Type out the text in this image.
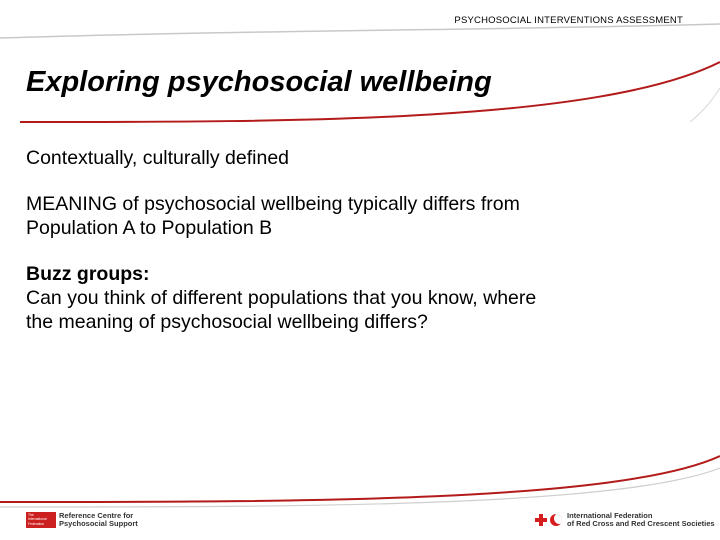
PSYCHOSOCIAL INTERVENTIONS ASSESSMENT
Exploring psychosocial wellbeing

Contextually, culturally defined

MEANING of psychosocial wellbeing typically differs from
Population A to Population B

Buzz groups:
Can you think of different populations that you know, where
the meaning of psychosocial wellbeing differs?

The
International
Federation
Reference Centre for
Psychosocial Support
International Federation
of Red Cross and Red Crescent Societies
